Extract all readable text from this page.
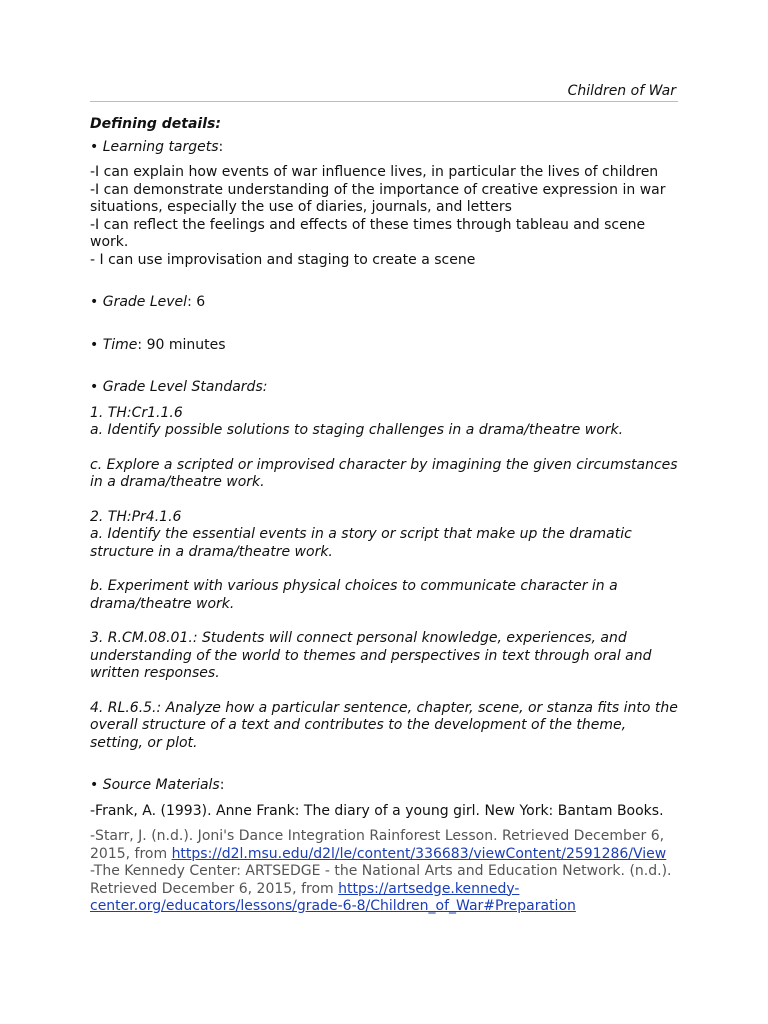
Children of War

Defining details:

• Learning targets:

-I can explain how events of war influence lives, in particular the lives of children

-I can demonstrate understanding of the importance of creative expression in war situations, especially the use of diaries, journals, and letters

-I can reflect the feelings and effects of these times through tableau and scene work.

- I can use improvisation and staging to create a scene

• Grade Level: 6

• Time: 90 minutes

• Grade Level Standards:

1. TH:Cr1.1.6

a. Identify possible solutions to staging challenges in a drama/theatre work.

c. Explore a scripted or improvised character by imagining the given circumstances in a drama/theatre work.

2. TH:Pr4.1.6

a. Identify the essential events in a story or script that make up the dramatic structure in a drama/theatre work.

b. Experiment with various physical choices to communicate character in a drama/theatre work.

3. R.CM.08.01.: Students will connect personal knowledge, experiences, and understanding of the world to themes and perspectives in text through oral and written responses.

4. RL.6.5.: Analyze how a particular sentence, chapter, scene, or stanza fits into the overall structure of a text and contributes to the development of the theme, setting, or plot.

• Source Materials:

-Frank, A. (1993). Anne Frank: The diary of a young girl. New York: Bantam Books.

-Starr, J. (n.d.). Joni's Dance Integration Rainforest Lesson. Retrieved December 6, 2015, from https://d2l.msu.edu/d2l/le/content/336683/viewContent/2591286/View

-The Kennedy Center: ARTSEDGE - the National Arts and Education Network. (n.d.). Retrieved December 6, 2015, from https://artsedge.kennedy-center.org/educators/lessons/grade-6-8/Children_of_War#Preparation
